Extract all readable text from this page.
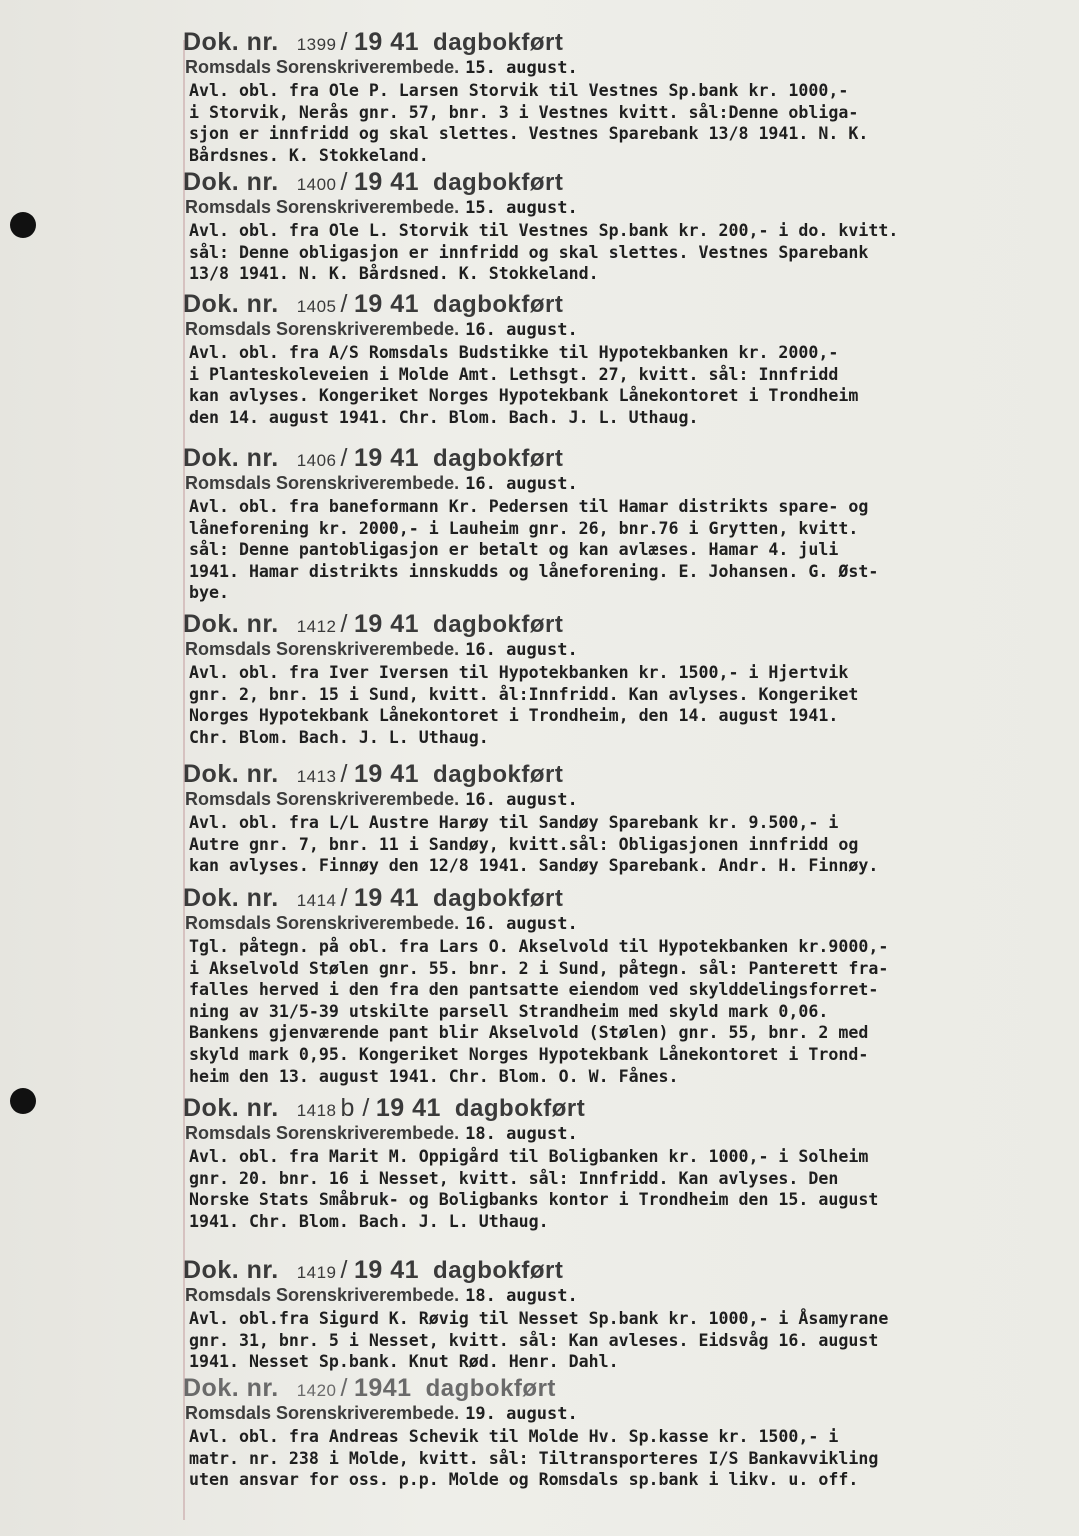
Dok. nr. 1399 / 19 41 dagbokført
Romsdals Sorenskriverembede. 15. august.
Avl. obl. fra Ole P. Larsen Storvik til Vestnes Sp.bank kr. 1000,-
i Storvik, Nerås gnr. 57, bnr. 3 i Vestnes kvitt. sål:Denne obliga-
sjon er innfridd og skal slettes. Vestnes Sparebank 13/8 1941. N. K.
Bårdsnes. K. Stokkeland.
Dok. nr. 1400 / 19 41 dagbokført
Romsdals Sorenskriverembede. 15. august.
Avl. obl. fra Ole L. Storvik til Vestnes Sp.bank kr. 200,- i do. kvitt.
sål: Denne obligasjon er innfridd og skal slettes. Vestnes Sparebank
13/8 1941. N. K. Bårdsned. K. Stokkeland.
Dok. nr. 1405 / 19 41 dagbokført
Romsdals Sorenskriverembede. 16. august.
Avl. obl. fra A/S Romsdals Budstikke til Hypotekbanken kr. 2000,-
i Planteskoleveien i Molde Amt. Lethsgt. 27, kvitt. sål: Innfridd
kan avlyses. Kongeriket Norges Hypotekbank Lånekontoret i Trondheim
den 14. august 1941. Chr. Blom. Bach. J. L. Uthaug.
Dok. nr. 1406 / 19 41 dagbokført
Romsdals Sorenskriverembede. 16. august.
Avl. obl. fra baneformann Kr. Pedersen til Hamar distrikts spare- og
låneforening kr. 2000,- i Lauheim gnr. 26, bnr.76 i Grytten, kvitt.
sål: Denne pantobligasjon er betalt og kan avlæses. Hamar 4. juli
1941. Hamar distrikts innskudds og låneforening. E. Johansen. G. Øst-
bye.
Dok. nr. 1412 / 19 41 dagbokført
Romsdals Sorenskriverembede. 16. august.
Avl. obl. fra Iver Iversen til Hypotekbanken kr. 1500,- i Hjertvik
gnr. 2, bnr. 15 i Sund, kvitt. ål:Innfridd. Kan avlyses. Kongeriket
Norges Hypotekbank Lånekontoret i Trondheim, den 14. august 1941.
Chr. Blom. Bach. J. L. Uthaug.
Dok. nr. 1413 / 19 41 dagbokført
Romsdals Sorenskriverembede. 16. august.
Avl. obl. fra L/L Austre Harøy til Sandøy Sparebank kr. 9.500,- i
Autre gnr. 7, bnr. 11 i Sandøy, kvitt.sål: Obligasjonen innfridd og
kan avlyses. Finnøy den 12/8 1941. Sandøy Sparebank. Andr. H. Finnøy.
Dok. nr. 1414 / 19 41 dagbokført
Romsdals Sorenskriverembede. 16. august.
Tgl. påtegn. på obl. fra Lars O. Akselvold til Hypotekbanken kr.9000,-
i Akselvold Stølen gnr. 55. bnr. 2 i Sund, påtegn. sål: Panterett fra-
falles herved i den fra den pantsatte eiendom ved skylddelingsforret-
ning av 31/5-39 utskilte parsell Strandheim med skyld mark 0,06.
Bankens gjenværende pant blir Akselvold (Stølen) gnr. 55, bnr. 2 med
skyld mark 0,95. Kongeriket Norges Hypotekbank Lånekontoret i Trond-
heim den 13. august 1941. Chr. Blom. O. W. Fånes.
Dok. nr. 1418 b / 19 41 dagbokført
Romsdals Sorenskriverembede. 18. august.
Avl. obl. fra Marit M. Oppigård til Boligbanken kr. 1000,- i Solheim
gnr. 20. bnr. 16 i Nesset, kvitt. sål: Innfridd. Kan avlyses. Den
Norske Stats Småbruk- og Boligbanks kontor i Trondheim den 15. august
1941. Chr. Blom. Bach. J. L. Uthaug.
Dok. nr. 1419 / 19 41 dagbokført
Romsdals Sorenskriverembede. 18. august.
Avl. obl.fra Sigurd K. Røvig til Nesset Sp.bank kr. 1000,- i Åsamyrane
gnr. 31, bnr. 5 i Nesset, kvitt. sål: Kan avleses. Eidsvåg 16. august
1941. Nesset Sp.bank. Knut Rød. Henr. Dahl.
Dok. nr. 1420 / 1941 dagbokført
Romsdals Sorenskriverembede. 19. august.
Avl. obl. fra Andreas Schevik til Molde Hv. Sp.kasse kr. 1500,- i
matr. nr. 238 i Molde, kvitt. sål: Tiltransporteres I/S Bankavvikling
uten ansvar for oss. p.p. Molde og Romsdals sp.bank i likv. u. off.
